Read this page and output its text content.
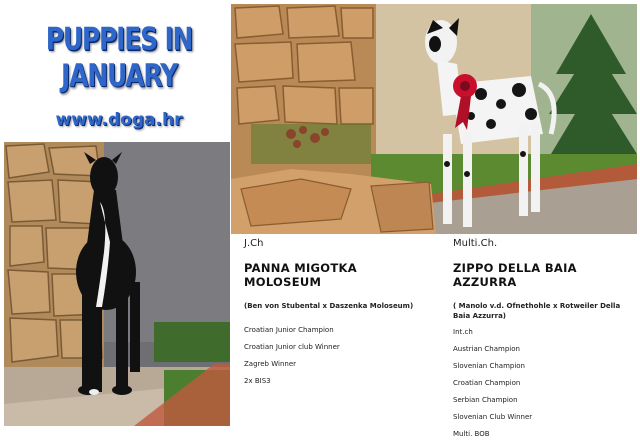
PUPPIES IN JANUARY
www.doga.hr
J.Ch
PANNA MIGOTKA MOLOSEUM
(Ben von Stubental x Daszenka Moloseum)
Croatian Junior Champion
Croatian Junior club Winner
Zagreb Winner
2x BIS3
Multi.Ch.
ZIPPO DELLA BAIA AZZURRA
( Manolo v.d. Ofnethohle x Rotweiler Della Baia Azzurra)
Int.ch
Austrian Champion
Slovenian Champion
Croatian Champion
Serbian Champion
Slovenian Club Winner
Multi. BOB
